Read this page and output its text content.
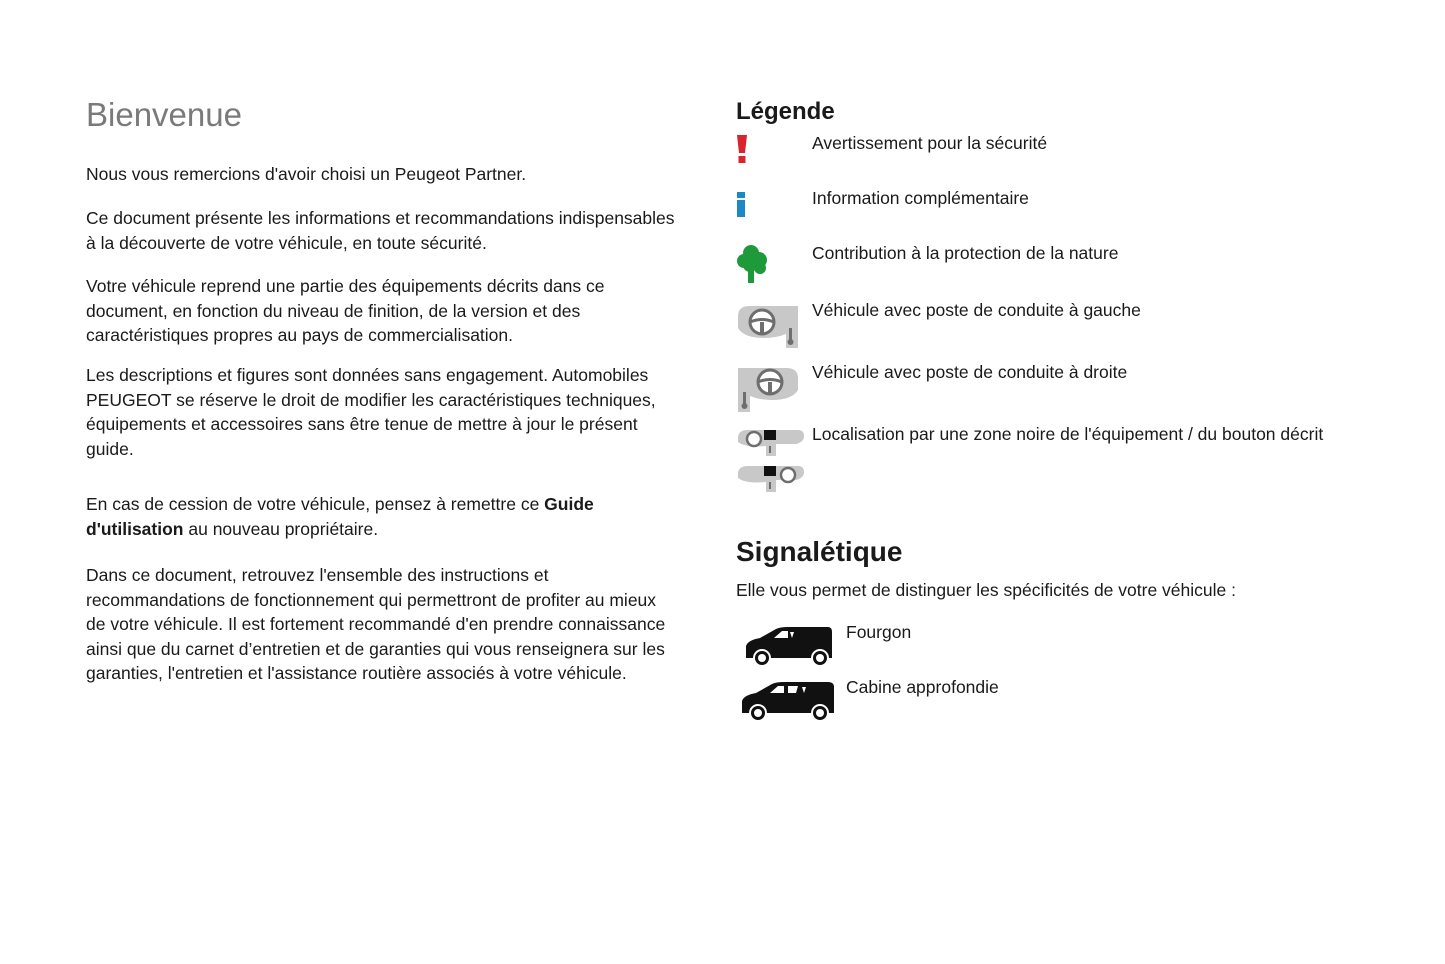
Bienvenue

Nous vous remercions d'avoir choisi un Peugeot Partner.

Ce document présente les informations et recommandations indispensables à la découverte de votre véhicule, en toute sécurité.

Votre véhicule reprend une partie des équipements décrits dans ce document, en fonction du niveau de finition, de la version et des caractéristiques propres au pays de commercialisation.

Les descriptions et figures sont données sans engagement. Automobiles PEUGEOT se réserve le droit de modifier les caractéristiques techniques, équipements et accessoires sans être tenue de mettre à jour le présent guide.

En cas de cession de votre véhicule, pensez à remettre ce Guide d'utilisation au nouveau propriétaire.

Dans ce document, retrouvez l'ensemble des instructions et recommandations de fonctionnement qui permettront de profiter au mieux de votre véhicule. Il est fortement recommandé d'en prendre connaissance ainsi que du carnet d’entretien et de garanties qui vous renseignera sur les garanties, l'entretien et l'assistance routière associés à votre véhicule.

Légende
Avertissement pour la sécurité
Information complémentaire
Contribution à la protection de la nature
Véhicule avec poste de conduite à gauche
Véhicule avec poste de conduite à droite
Localisation par une zone noire de l'équipement / du bouton décrit
Signalétique

Elle vous permet de distinguer les spécificités de votre véhicule :

Fourgon
Cabine approfondie
